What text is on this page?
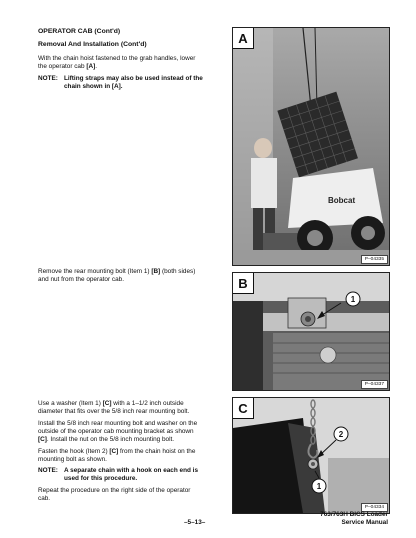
OPERATOR CAB (Cont'd)
Removal And Installation (Cont'd)
With the chain hoist fastened to the grab handles, lower
the operator cab [A].
NOTE: Lifting straps may also be used instead of the
chain shown in [A].
Remove the rear mounting bolt (Item 1) [B] (both sides)
and nut from the operator cab.
Use a washer (Item 1) [C] with a 1–1/2 inch outside
diameter that fits over the 5/8 inch rear mounting bolt.
Install the 5/8 inch rear mounting bolt and washer on the
outside of the operator cab mounting bracket as shown
[C]. Install the nut on the 5/8 inch mounting bolt.
Fasten the hook (Item 2) [C] from the chain hoist on the
mounting bolt as shown.
NOTE: A separate chain with a hook on each end is
used for this procedure.
Repeat the procedure on the right side of the operator
cab.
Bobcat
A
P–04335
1
B
P–04337
2
1
C
P–04334
–5–13–
763/763H BICS Loader
Service Manual
